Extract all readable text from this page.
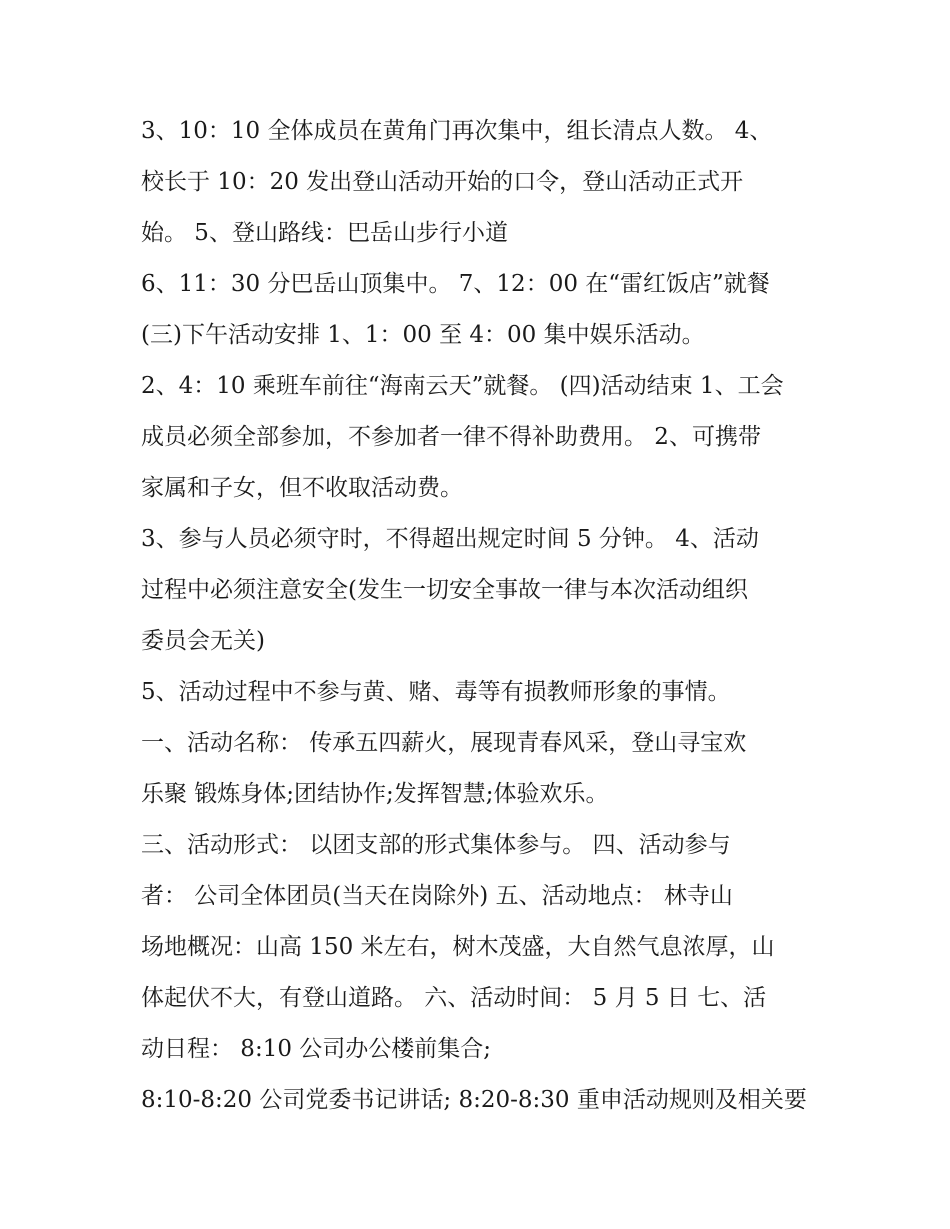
3、10：10 全体成员在黄角门再次集中，组长清点人数。 4、
校长于 10：20 发出登山活动开始的口令，登山活动正式开
始。 5、登山路线：巴岳山步行小道
6、11：30 分巴岳山顶集中。 7、12：00 在“雷红饭店”就餐
(三)下午活动安排 1、1：00 至 4：00 集中娱乐活动。
2、4：10 乘班车前往“海南云天”就餐。 (四)活动结束 1、工会
成员必须全部参加，不参加者一律不得补助费用。 2、可携带
家属和子女，但不收取活动费。
3、参与人员必须守时，不得超出规定时间 5 分钟。 4、活动
过程中必须注意安全(发生一切安全事故一律与本次活动组织
委员会无关)
5、活动过程中不参与黄、赌、毒等有损教师形象的事情。
一、活动名称： 传承五四薪火，展现青春风采，登山寻宝欢
乐聚 锻炼身体;团结协作;发挥智慧;体验欢乐。
三、活动形式： 以团支部的形式集体参与。 四、活动参与
者： 公司全体团员(当天在岗除外) 五、活动地点： 林寺山
场地概况：山高 150 米左右，树木茂盛，大自然气息浓厚，山
体起伏不大，有登山道路。 六、活动时间： 5 月 5 日 七、活
动日程： 8:10 公司办公楼前集合;
8:10-8:20 公司党委书记讲话; 8:20-8:30 重申活动规则及相关要
